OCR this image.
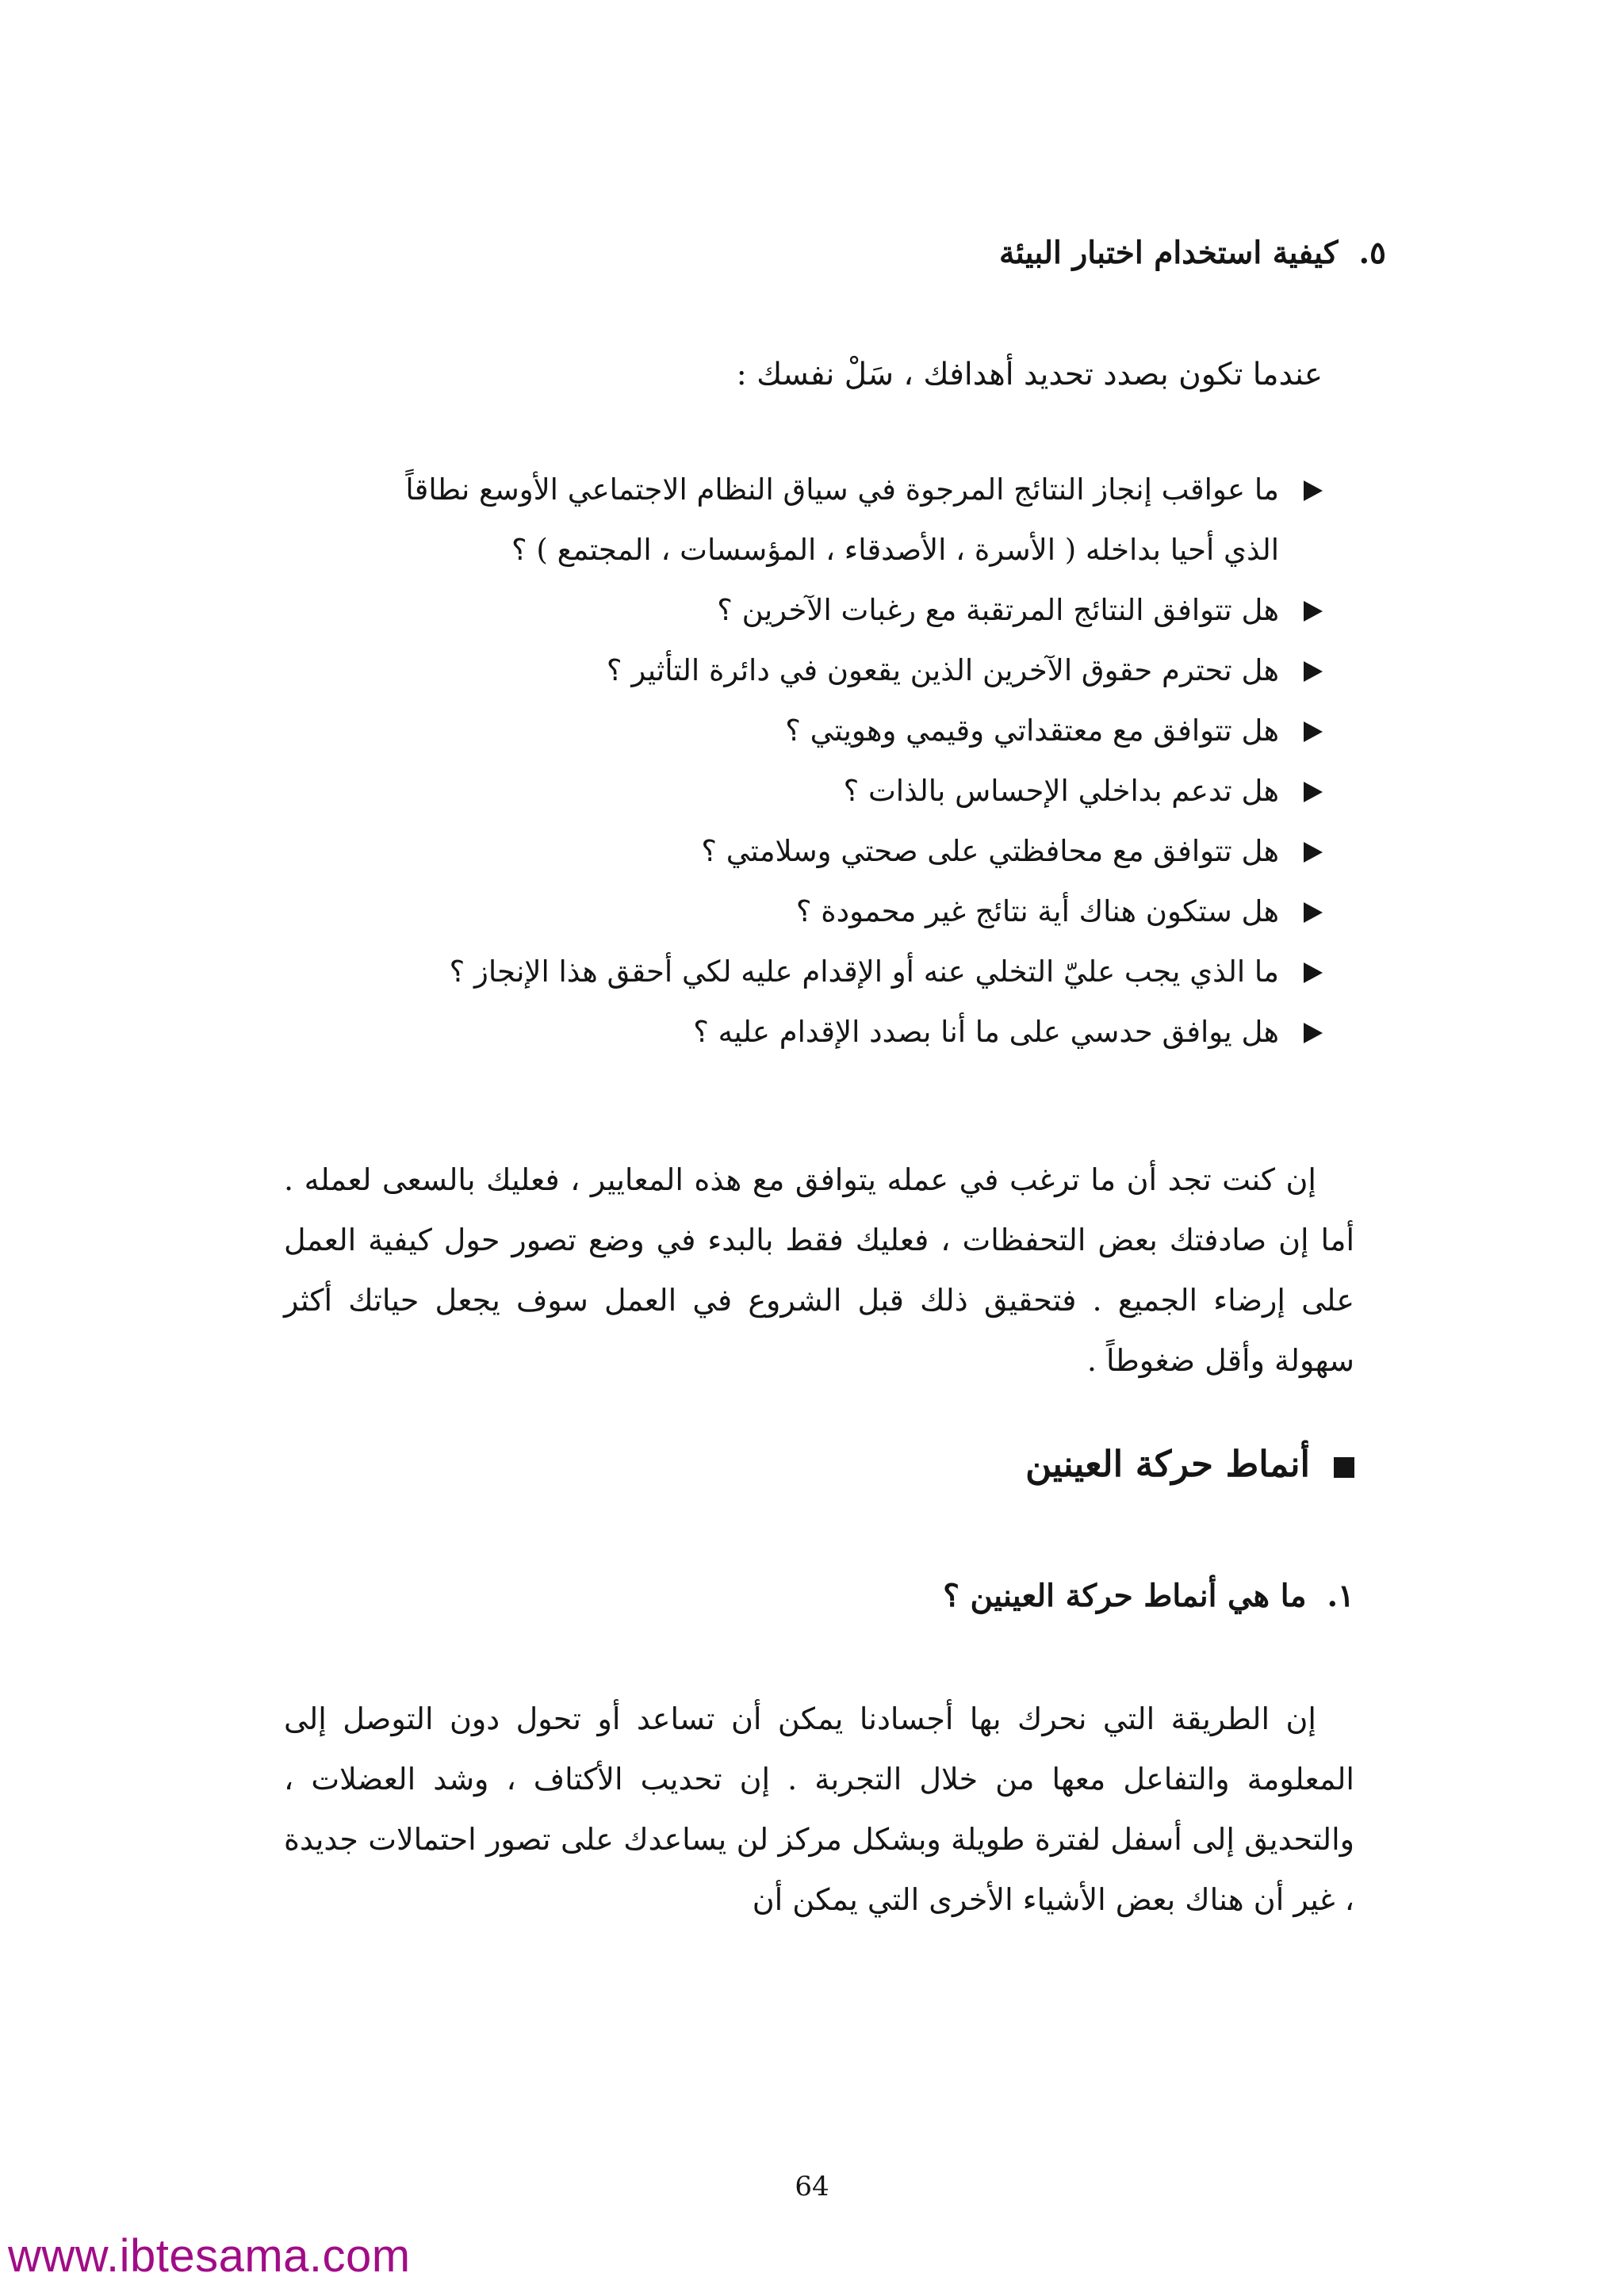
٥.كيفية استخدام اختبار البيئة
عندما تكون بصدد تحديد أهدافك ، سَلْ نفسك :
ما عواقب إنجاز النتائج المرجوة في سياق النظام الاجتماعي الأوسع نطاقاً
الذي أحيا بداخله ( الأسرة ، الأصدقاء ، المؤسسات ، المجتمع ) ؟
هل تتوافق النتائج المرتقبة مع رغبات الآخرين ؟
هل تحترم حقوق الآخرين الذين يقعون في دائرة التأثير ؟
هل تتوافق مع معتقداتي وقيمي وهويتي ؟
هل تدعم بداخلي الإحساس بالذات ؟
هل تتوافق مع محافظتي على صحتي وسلامتي ؟
هل ستكون هناك أية نتائج غير محمودة ؟
ما الذي يجب عليّ التخلي عنه أو الإقدام عليه لكي أحقق هذا الإنجاز ؟
هل يوافق حدسي على ما أنا بصدد الإقدام عليه ؟

إن كنت تجد أن ما ترغب في عمله يتوافق مع هذه المعايير ، فعليك بالسعى لعمله . أما إن صادفتك بعض التحفظات ، فعليك فقط بالبدء في وضع تصور حول كيفية العمل على إرضاء الجميع . فتحقيق ذلك قبل الشروع في العمل سوف يجعل حياتك أكثر سهولة وأقل ضغوطاً .

أنماط حركة العينين
١.ما هي أنماط حركة العينين ؟

إن الطريقة التي نحرك بها أجسادنا يمكن أن تساعد أو تحول دون التوصل إلى المعلومة والتفاعل معها من خلال التجربة . إن تحديب الأكتاف ، وشد العضلات ، والتحديق إلى أسفل لفترة طويلة وبشكل مركز لن يساعدك على تصور احتمالات جديدة ، غير أن هناك بعض الأشياء الأخرى التي يمكن أن

64
www.ibtesama.com
